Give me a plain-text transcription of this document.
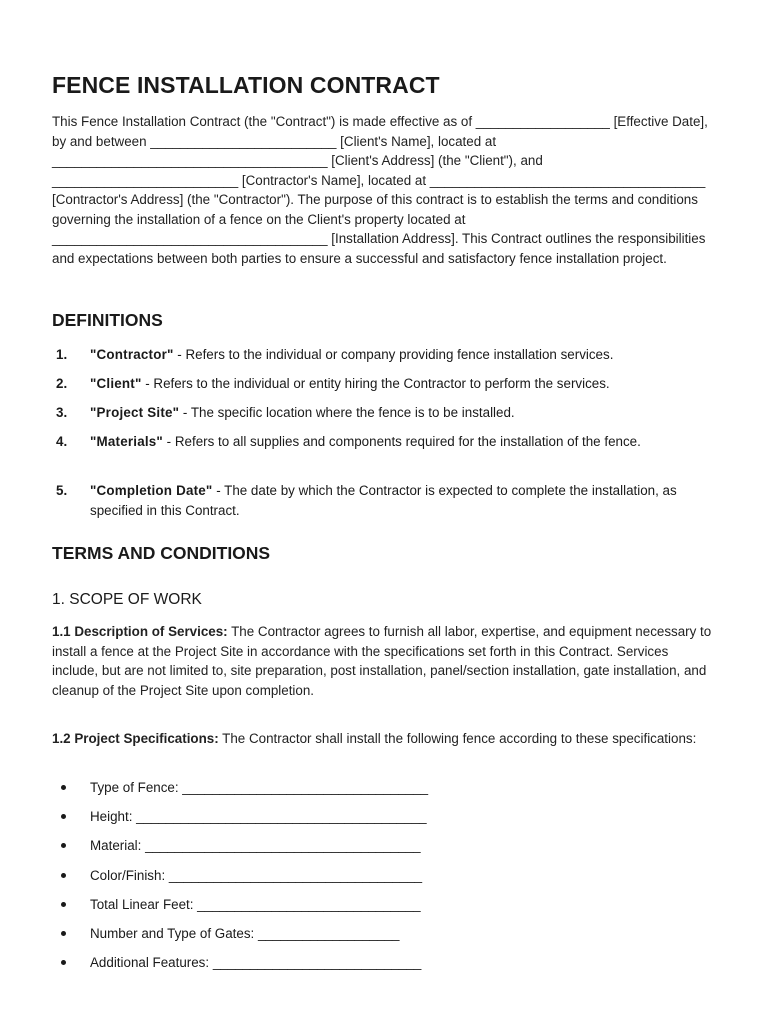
FENCE INSTALLATION CONTRACT

This Fence Installation Contract (the "Contract") is made effective as of __________________ [Effective Date], by and between _________________________ [Client's Name], located at _____________________________________ [Client's Address] (the "Client"), and _________________________ [Contractor's Name], located at _____________________________________ [Contractor's Address] (the "Contractor"). The purpose of this contract is to establish the terms and conditions governing the installation of a fence on the Client's property located at _____________________________________ [Installation Address]. This Contract outlines the responsibilities and expectations between both parties to ensure a successful and satisfactory fence installation project.

DEFINITIONS
1. "Contractor" - Refers to the individual or company providing fence installation services.
2. "Client" - Refers to the individual or entity hiring the Contractor to perform the services.
3. "Project Site" - The specific location where the fence is to be installed.
4. "Materials" - Refers to all supplies and components required for the installation of the fence.
5. "Completion Date" - The date by which the Contractor is expected to complete the installation, as specified in this Contract.
TERMS AND CONDITIONS
1. SCOPE OF WORK

1.1 Description of Services: The Contractor agrees to furnish all labor, expertise, and equipment necessary to install a fence at the Project Site in accordance with the specifications set forth in this Contract. Services include, but are not limited to, site preparation, post installation, panel/section installation, gate installation, and cleanup of the Project Site upon completion.

1.2 Project Specifications: The Contractor shall install the following fence according to these specifications:

Type of Fence: _________________________________
Height: _______________________________________
Material: _____________________________________
Color/Finish: __________________________________
Total Linear Feet: ______________________________
Number and Type of Gates: ___________________
Additional Features: ____________________________
